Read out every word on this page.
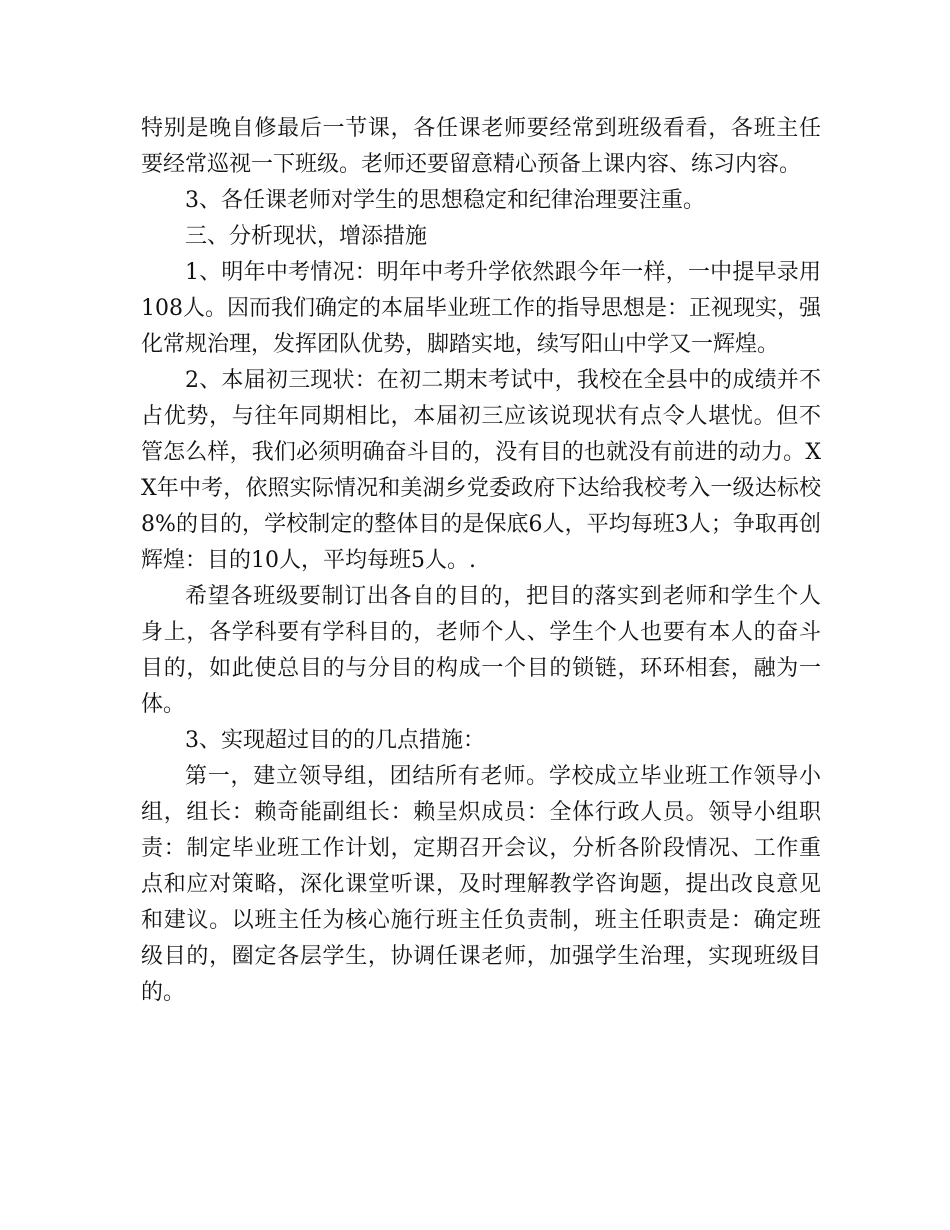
特别是晚自修最后一节课，各任课老师要经常到班级看看，各班主任要经常巡视一下班级。老师还要留意精心预备上课内容、练习内容。

3、各任课老师对学生的思想稳定和纪律治理要注重。

三、分析现状，增添措施

1、明年中考情况：明年中考升学依然跟今年一样，一中提早录用108人。因而我们确定的本届毕业班工作的指导思想是：正视现实，强化常规治理，发挥团队优势，脚踏实地，续写阳山中学又一辉煌。

2、本届初三现状：在初二期末考试中，我校在全县中的成绩并不占优势，与往年同期相比，本届初三应该说现状有点令人堪忧。但不管怎么样，我们必须明确奋斗目的，没有目的也就没有前进的动力。XX年中考，依照实际情况和美湖乡党委政府下达给我校考入一级达标校8%的目的，学校制定的整体目的是保底6人，平均每班3人；争取再创辉煌：目的10人，平均每班5人。.

希望各班级要制订出各自的目的，把目的落实到老师和学生个人身上，各学科要有学科目的，老师个人、学生个人也要有本人的奋斗目的，如此使总目的与分目的构成一个目的锁链，环环相套，融为一体。

3、实现超过目的的几点措施：

第一，建立领导组，团结所有老师。学校成立毕业班工作领导小组，组长：赖奇能副组长：赖呈炽成员：全体行政人员。领导小组职责：制定毕业班工作计划，定期召开会议，分析各阶段情况、工作重点和应对策略，深化课堂听课，及时理解教学咨询题，提出改良意见和建议。以班主任为核心施行班主任负责制，班主任职责是：确定班级目的，圈定各层学生，协调任课老师，加强学生治理，实现班级目的。
